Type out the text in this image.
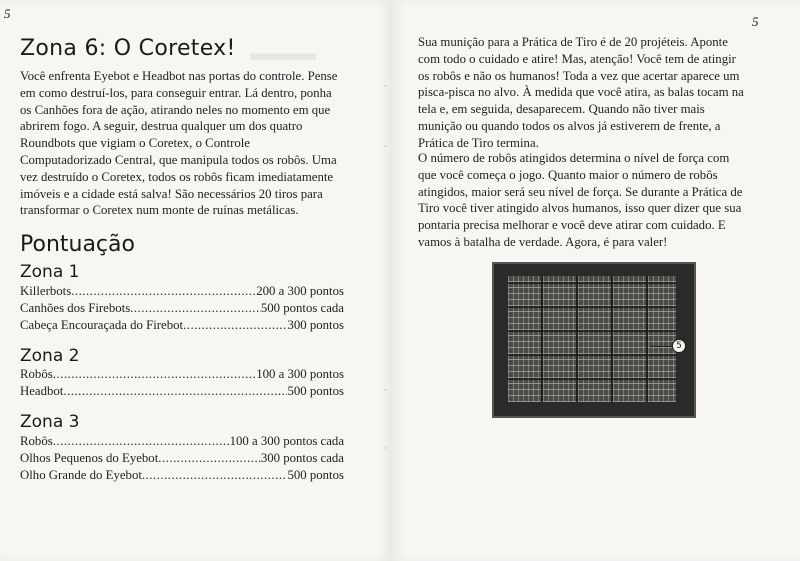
5
▬▬▬
Zona 6: O Coretex!

Você enfrenta Eyebot e Headbot nas portas do controle. Pense em como destruí-los, para conseguir entrar. Lá dentro, ponha os Canhões fora de ação, atirando neles no momento em que abrirem fogo. A seguir, destrua qualquer um dos quatro Roundbots que vigiam o Coretex, o Controle Computadorizado Central, que manipula todos os robôs. Uma vez destruído o Coretex, todos os robôs ficam imediatamente imóveis e a cidade está salva! São necessários 20 tiros para transformar o Coretex num monte de ruínas metálicas.

Pontuação
Zona 1
Killerbots .....	200 a 300 pontos
Canhões dos Firebots .....	500 pontos cada
Cabeça Encouraçada do Firebot .....	300 pontos
Zona 2
Robôs .....	100 a 300 pontos
Headbot .....	500 pontos
Zona 3
Robôs .....	100 a 300 pontos cada
Olhos Pequenos do Eyebot .....	300 pontos cada
Olho Grande do Eyebot .....	500 pontos
·
·
·
·
5

Sua munição para a Prática de Tiro é de 20 projéteis. Aponte com todo o cuidado e atire! Mas, atenção! Você tem de atingir os robôs e não os humanos! Toda a vez que acertar aparece um pisca-pisca no alvo. À medida que você atira, as balas tocam na tela e, em seguida, desaparecem. Quando não tiver mais munição ou quando todos os alvos já estiverem de frente, a Prática de Tiro termina.

O número de robôs atingidos determina o nível de força com que você começa o jogo. Quanto maior o número de robôs atingidos, maior será seu nível de força. Se durante a Prática de Tiro você tiver atingido alvos humanos, isso quer dizer que sua pontaria precisa melhorar e você deve atirar com cuidado. E vamos à batalha de verdade. Agora, é para valer!

5
